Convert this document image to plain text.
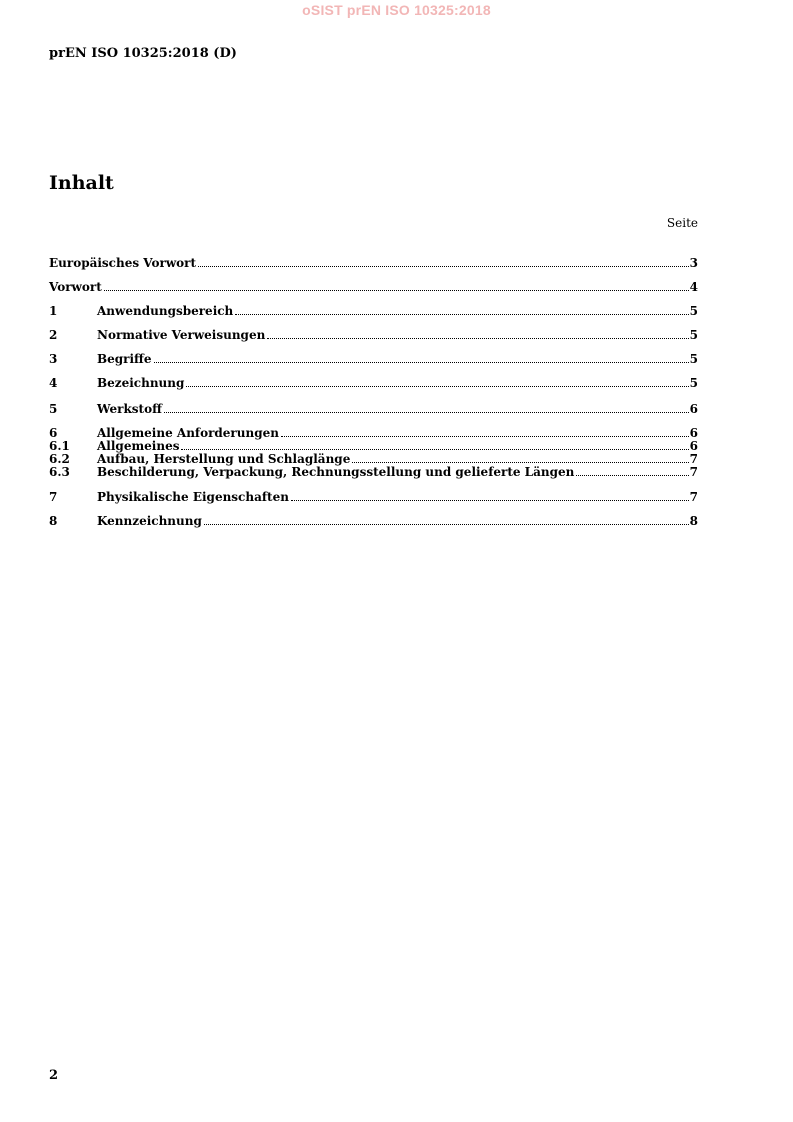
oSIST prEN ISO 10325:2018
prEN ISO 10325:2018 (D)
Inhalt
Seite
Europäisches Vorwort	3
Vorwort	4
1	Anwendungsbereich	5
2	Normative Verweisungen	5
3	Begriffe	5
4	Bezeichnung	5
5	Werkstoff	6
6	Allgemeine Anforderungen	6
6.1	Allgemeines	6
6.2	Aufbau, Herstellung und Schlaglänge	7
6.3	Beschilderung, Verpackung, Rechnungsstellung und gelieferte Längen	7
7	Physikalische Eigenschaften	7
8	Kennzeichnung	8
2
